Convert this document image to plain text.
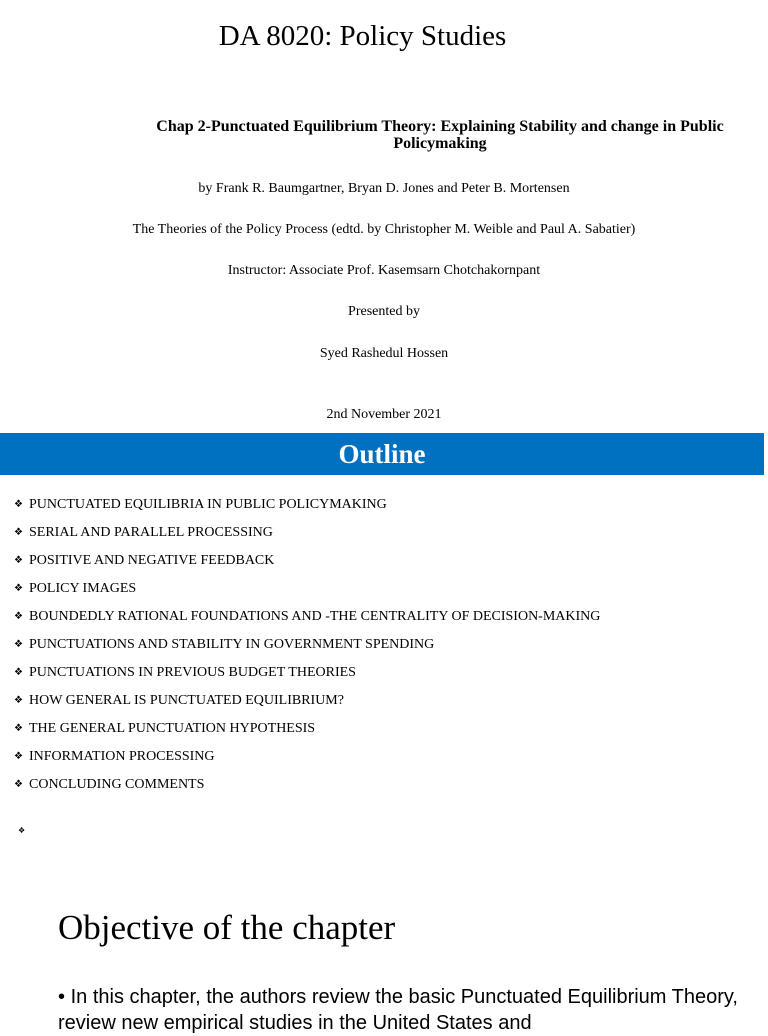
DA 8020: Policy Studies
Chap 2-Punctuated Equilibrium Theory: Explaining Stability and change in Public Policymaking
by Frank R. Baumgartner, Bryan D. Jones and Peter B. Mortensen
The Theories of the Policy Process (edtd. by Christopher M. Weible and Paul A. Sabatier)
Instructor: Associate Prof. Kasemsarn Chotchakornpant
Presented by
Syed Rashedul Hossen
2nd November 2021
Outline
❖ PUNCTUATED EQUILIBRIA IN PUBLIC POLICYMAKING
❖ SERIAL AND PARALLEL PROCESSING
❖ POSITIVE AND NEGATIVE FEEDBACK
❖ POLICY IMAGES
❖ BOUNDEDLY RATIONAL FOUNDATIONS AND -THE CENTRALITY OF DECISION-MAKING
❖ PUNCTUATIONS AND STABILITY IN GOVERNMENT SPENDING
❖ PUNCTUATIONS IN PREVIOUS BUDGET THEORIES
❖ HOW GENERAL IS PUNCTUATED EQUILIBRIUM?
❖ THE GENERAL PUNCTUATION HYPOTHESIS
❖ INFORMATION PROCESSING
❖ CONCLUDING COMMENTS
❖
Objective of the chapter
• In this chapter, the authors review the basic Punctuated Equilibrium Theory, review new empirical studies in the United States and
